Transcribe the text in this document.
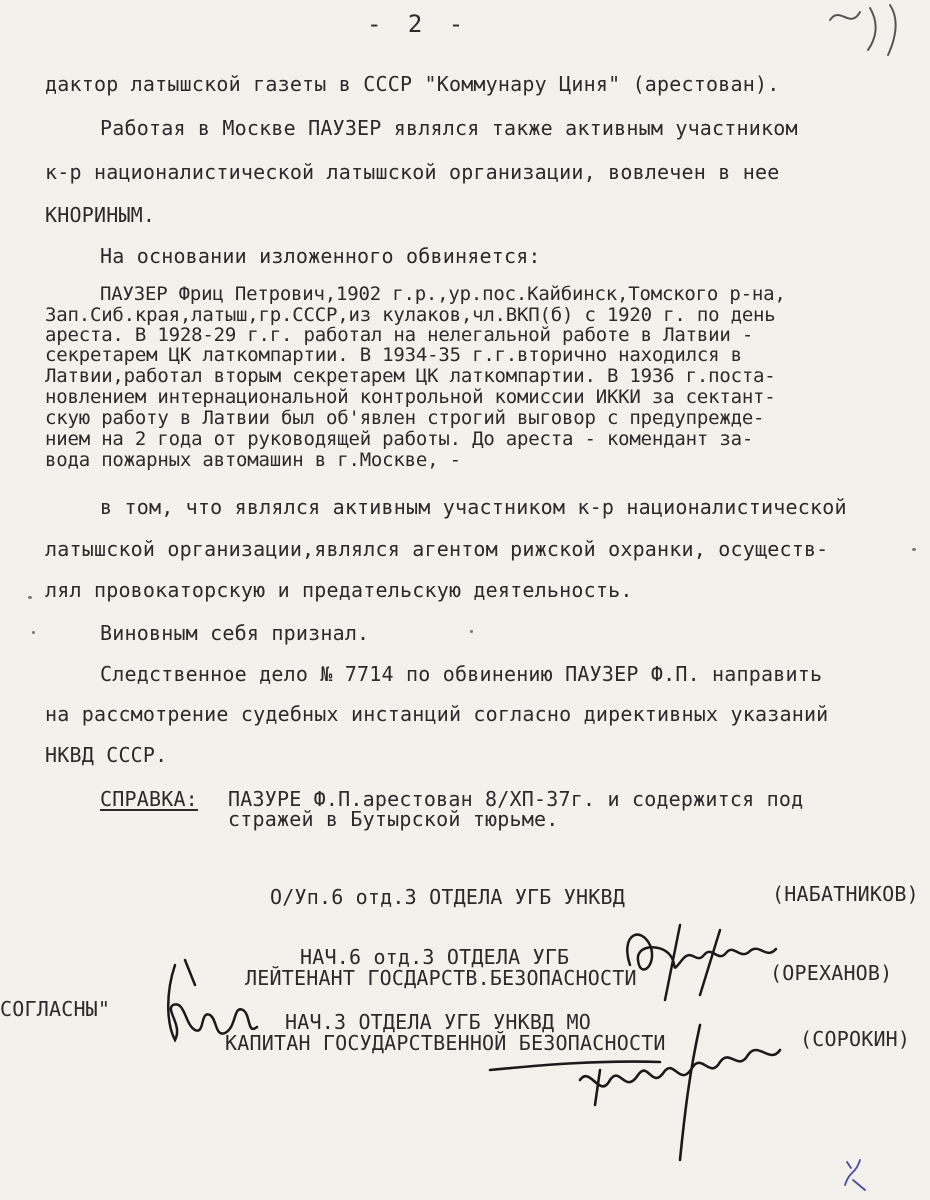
- 2 -
дактор латышской газеты в СССР "Коммунару Циня" (арестован).
Работая в Москве ПАУЗЕР являлся также активным участником
к-р националистической латышской организации, вовлечен в нее
КНОРИНЫМ.
На основании изложенного обвиняется:
ПАУЗЕР Фриц Петрович,1902 г.р.,ур.пос.Кайбинск,Томского р-на,
Зап.Сиб.края,латыш,гр.СССР,из кулаков,чл.ВКП(б) с 1920 г. по день
ареста. В 1928-29 г.г. работал на нелегальной работе в Латвии -
секретарем ЦК латкомпартии. В 1934-35 г.г.вторично находился в
Латвии,работал вторым секретарем ЦК латкомпартии. В 1936 г.поста-
новлением интернациональной контрольной комиссии ИККИ за сектант-
скую работу в Латвии был об'явлен строгий выговор с предупрежде-
нием на 2 года от руководящей работы. До ареста - комендант за-
вода пожарных автомашин в г.Москве, -
в том, что являлся активным участником к-р националистической
латышской организации,являлся агентом рижской охранки, осуществ-
лял провокаторскую и предательскую деятельность.
Виновным себя признал.
Следственное дело № 7714 по обвинению ПАУЗЕР Ф.П. направить
на рассмотрение судебных инстанций согласно директивных указаний
НКВД СССР.
СПРАВКА: ПАЗУРЕ Ф.П.арестован 8/ХП-37г. и содержится под
стражей в Бутырской тюрьме.
О/Уп.6 отд.3 ОТДЕЛА УГБ УНКВД	(НАБАТНИКОВ)
НАЧ.6 отд.3 ОТДЕЛА УГБ
ЛЕЙТЕНАНТ ГОСДАРСТВ.БЕЗОПАСНОСТИ	(ОРЕХАНОВ)
СОГЛАСНЫ"
НАЧ.3 ОТДЕЛА УГБ УНКВД МО
КАПИТАН ГОСУДАРСТВЕННОЙ БЕЗОПАСНОСТИ	(СОРОКИН)
